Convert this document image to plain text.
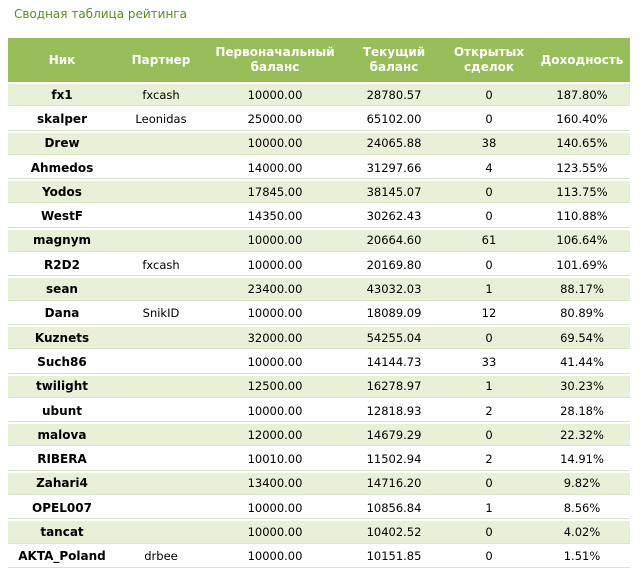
Сводная таблица рейтинга
Ник	Партнер	Первоначальный баланс	Текущий баланс	Открытых сделок	Доходность
fx1	fxcash	10000.00	28780.57	0	187.80%
skalper	Leonidas	25000.00	65102.00	0	160.40%
Drew		10000.00	24065.88	38	140.65%
Ahmedos		14000.00	31297.66	4	123.55%
Yodos		17845.00	38145.07	0	113.75%
WestF		14350.00	30262.43	0	110.88%
magnym		10000.00	20664.60	61	106.64%
R2D2	fxcash	10000.00	20169.80	0	101.69%
sean		23400.00	43032.03	1	88.17%
Dana	SnikID	10000.00	18089.09	12	80.89%
Kuznets		32000.00	54255.04	0	69.54%
Such86		10000.00	14144.73	33	41.44%
twilight		12500.00	16278.97	1	30.23%
ubunt		10000.00	12818.93	2	28.18%
malova		12000.00	14679.29	0	22.32%
RIBERA		10010.00	11502.94	2	14.91%
Zahari4		13400.00	14716.20	0	9.82%
OPEL007		10000.00	10856.84	1	8.56%
tancat		10000.00	10402.52	0	4.02%
AKTA_Poland	drbee	10000.00	10151.85	0	1.51%
